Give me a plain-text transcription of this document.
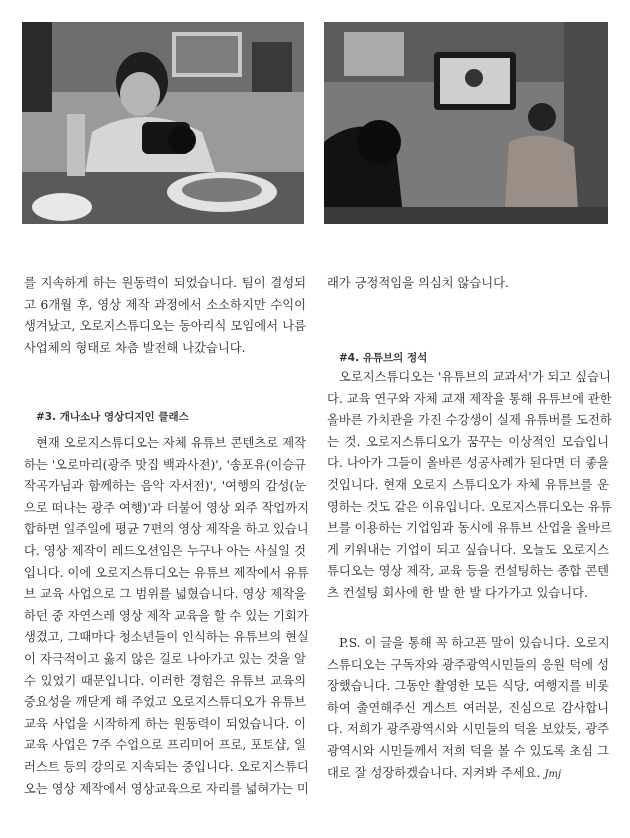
를 지속하게 하는 원동력이 되었습니다. 팀이 결성되

고 6개월 후, 영상 제작 과정에서 소소하지만 수익이

생겨났고, 오로지스튜디오는 동아리식 모임에서 나름

사업체의 형태로 차츰 발전해 나갔습니다.

#3. 개나소나 영상디지인 클래스

현재 오로지스튜디오는 자체 유튜브 콘텐츠로 제작

하는 '오로마리(광주 맛집 백과사전)', '송포유(이승규

작곡가님과 함께하는 음악 자서전)', '여행의 감성(눈

으로 떠나는 광주 여행)'과 더불어 영상 외주 작업까지

합하면 일주일에 평균 7편의 영상 제작을 하고 있습니

다. 영상 제작이 레드오션임은 누구나 아는 사실일 것

입니다. 이에 오로지스튜디오는 유튜브 제작에서 유튜

브 교육 사업으로 그 범위를 넓혔습니다. 영상 제작을

하던 중 자연스레 영상 제작 교육을 할 수 있는 기회가

생겼고, 그때마다 청소년들이 인식하는 유튜브의 현실

이 자극적이고 옳지 않은 길로 나아가고 있는 것을 알

수 있었기 때문입니다. 이러한 경험은 유튜브 교육의

중요성을 깨닫게 해 주었고 오로지스튜디오가 유튜브

교육 사업을 시작하게 하는 원동력이 되었습니다. 이

교육 사업은 7주 수업으로 프리미어 프로, 포토샵, 일

러스트 등의 강의로 지속되는 중입니다. 오로지스튜디

오는 영상 제작에서 영상교육으로 자리를 넓혀가는 미

래가 긍정적임을 의심치 않습니다.

#4. 유튜브의 정석

오로지스튜디오는 '유튜브의 교과서'가 되고 싶습니

다. 교육 연구와 자체 교재 제작을 통해 유튜브에 관한

올바른 가치관을 가진 수강생이 실제 유튜버를 도전하

는 것. 오로지스튜디오가 꿈꾸는 이상적인 모습입니

다. 나아가 그들이 올바른 성공사례가 된다면 더 좋을

것입니다. 현재 오로지 스튜디오가 자체 유튜브를 운

영하는 것도 같은 이유입니다. 오로지스튜디오는 유튜

브를 이용하는 기업임과 동시에 유튜브 산업을 올바르

게 키워내는 기업이 되고 싶습니다. 오늘도 오로지스

튜디오는 영상 제작, 교육 등을 컨설팅하는 종합 콘텐

츠 컨설팅 회사에 한 발 한 발 다가가고 있습니다.

P.S. 이 글을 통해 꼭 하고픈 말이 있습니다. 오로지

스튜디오는 구독자와 광주광역시민들의 응원 덕에 성

장했습니다. 그동안 촬영한 모든 식당, 여행지를 비롯

하여 출연해주신 게스트 여러분, 진심으로 감사합니

다. 저희가 광주광역시와 시민들의 덕을 보았듯, 광주

광역시와 시민들께서 저희 덕을 볼 수 있도록 초심 그

대로 잘 성장하겠습니다. 지켜봐 주세요. Jmj
